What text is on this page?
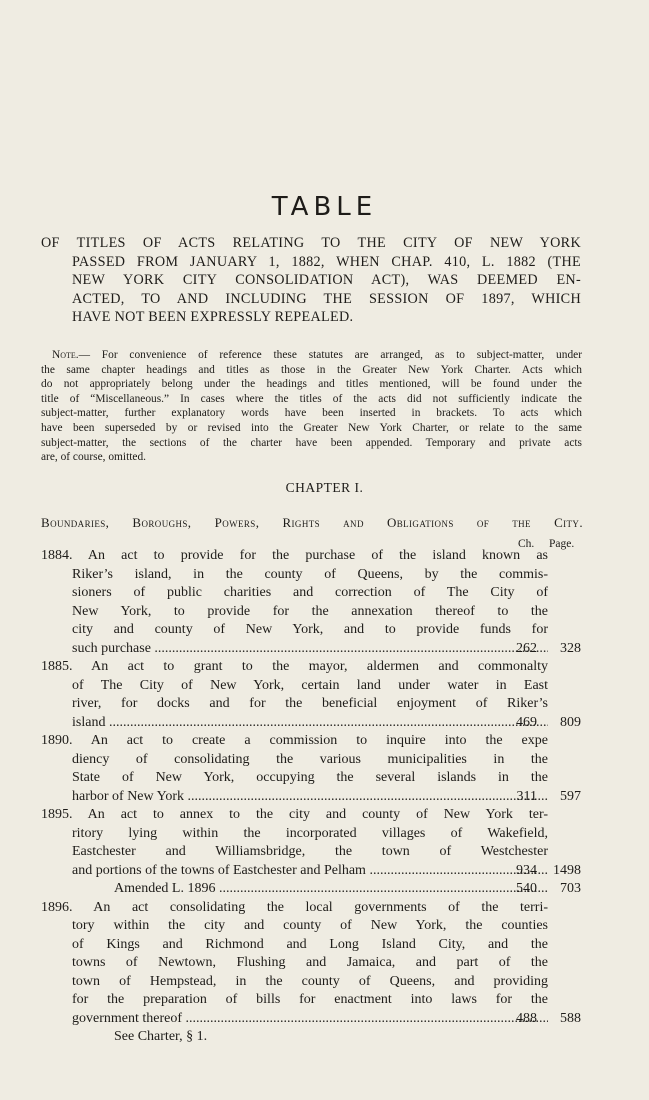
TABLE
OF TITLES OF ACTS RELATING TO THE CITY OF NEW YORK
PASSED FROM JANUARY 1, 1882, WHEN CHAP. 410, L. 1882 (THE
NEW YORK CITY CONSOLIDATION ACT), WAS DEEMED EN-
ACTED, TO AND INCLUDING THE SESSION OF 1897, WHICH
HAVE NOT BEEN EXPRESSLY REPEALED.
Note.— For convenience of reference these statutes are arranged, as to subject-matter, under
the same chapter headings and titles as those in the Greater New York Charter. Acts which
do not appropriately belong under the headings and titles mentioned, will be found under the
title of “Miscellaneous.” In cases where the titles of the acts did not sufficiently indicate the
subject-matter, further explanatory words have been inserted in brackets. To acts which
have been superseded by or revised into the Greater New York Charter, or relate to the same
subject-matter, the sections of the charter have been appended. Temporary and private acts
are, of course, omitted.
CHAPTER I.
Boundaries, Boroughs, Powers, Rights and Obligations of the City.
Ch. Page.
1884. An act to provide for the purchase of the island known as
Riker’s island, in the county of Queens, by the commis-
sioners of public charities and correction of The City of
New York, to provide for the annexation thereof to the
city and county of New York, and to provide funds for
such purchase .....	262	328
1885. An act to grant to the mayor, aldermen and commonalty
of The City of New York, certain land under water in East
river, for docks and for the beneficial enjoyment of Riker’s
island .....	469	809
1890. An act to create a commission to inquire into the expe
diency of consolidating the various municipalities in the
State of New York, occupying the several islands in the
harbor of New York .....	311	597
1895. An act to annex to the city and county of New York ter-
ritory lying within the incorporated villages of Wakefield,
Eastchester and Williamsbridge, the town of Westchester
and portions of the towns of Eastchester and Pelham .....	934	1498
Amended L. 1896 .....	540	703
1896. An act consolidating the local governments of the terri-
tory within the city and county of New York, the counties
of Kings and Richmond and Long Island City, and the
towns of Newtown, Flushing and Jamaica, and part of the
town of Hempstead, in the county of Queens, and providing
for the preparation of bills for enactment into laws for the
government thereof .....	488	588
See Charter, § 1.
